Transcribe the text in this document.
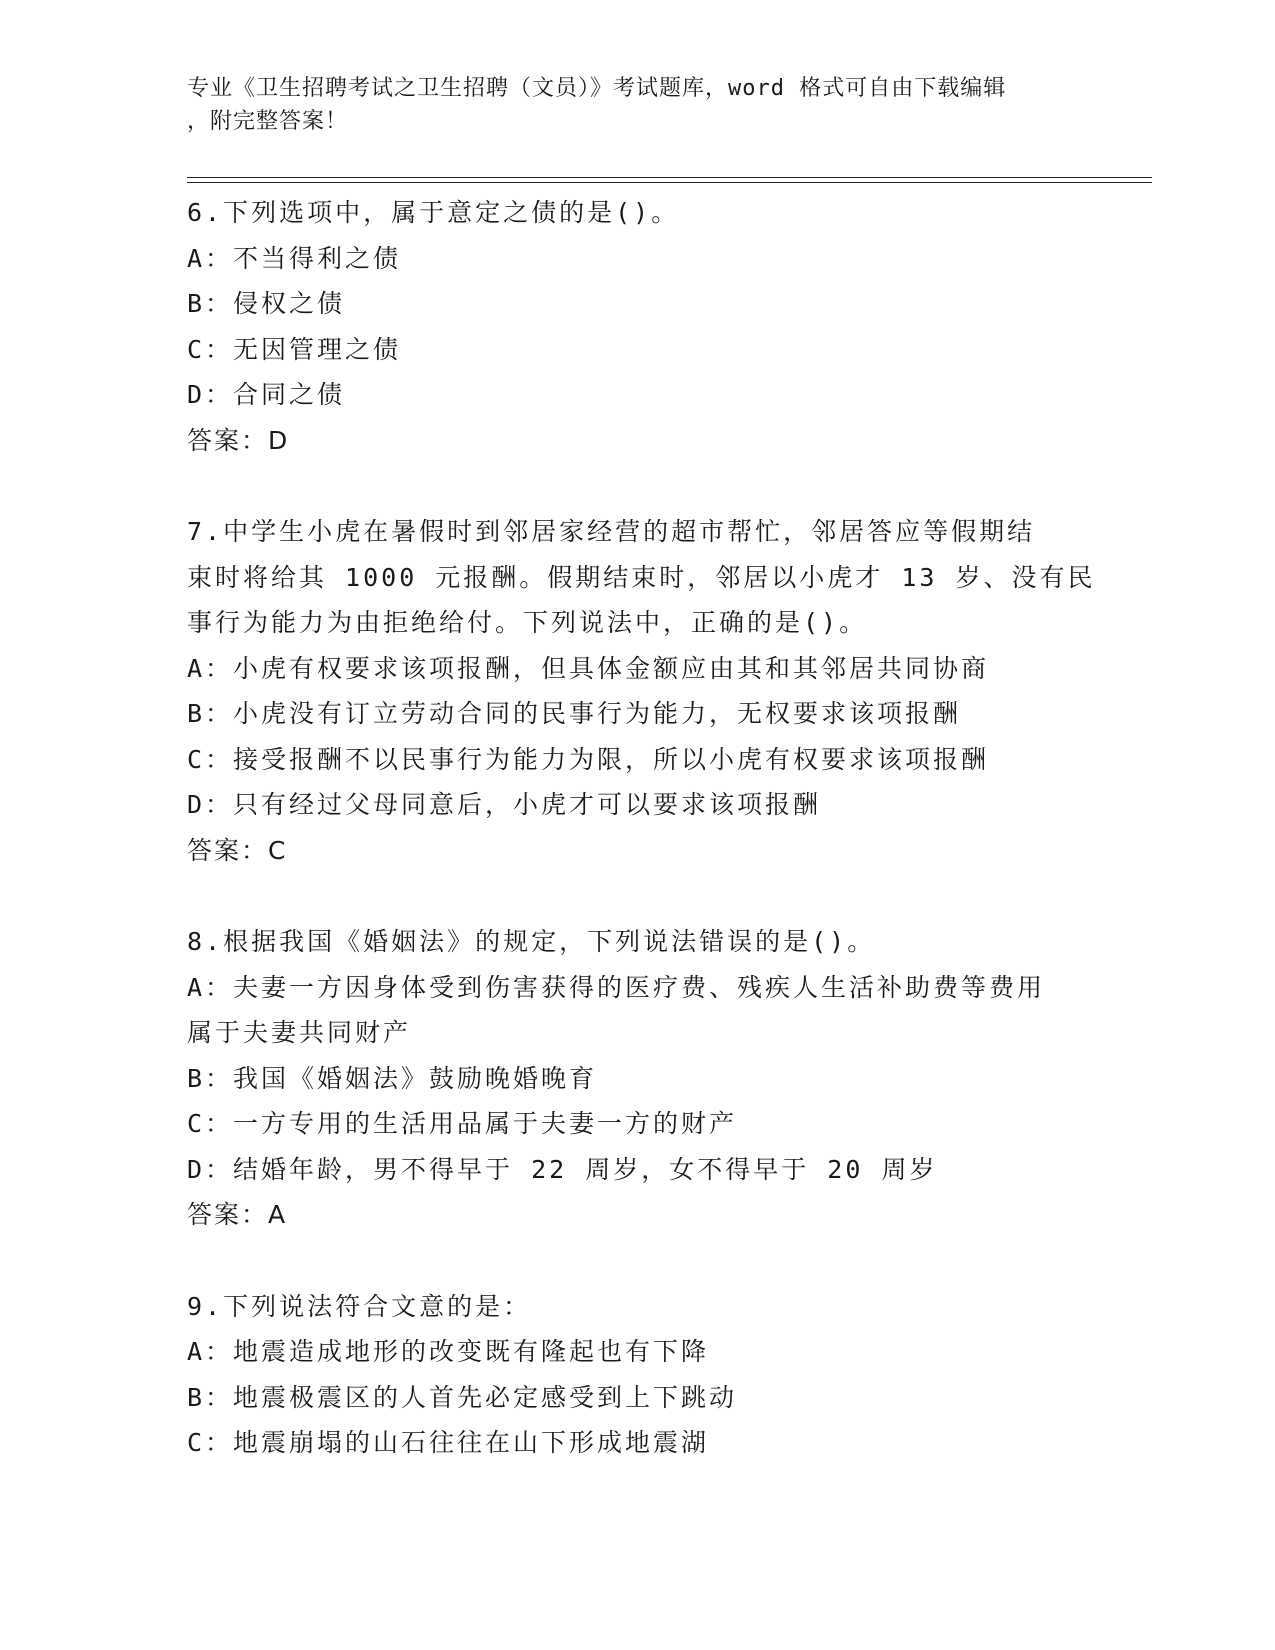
专业《卫生招聘考试之卫生招聘（文员）》考试题库，word 格式可自由下载编辑
，附完整答案！
6.下列选项中，属于意定之债的是()。
A：不当得利之债
B：侵权之债
C：无因管理之债
D：合同之债
答案：D
7.中学生小虎在暑假时到邻居家经营的超市帮忙，邻居答应等假期结
束时将给其 1000 元报酬。假期结束时，邻居以小虎才 13 岁、没有民
事行为能力为由拒绝给付。下列说法中，正确的是()。
A：小虎有权要求该项报酬，但具体金额应由其和其邻居共同协商
B：小虎没有订立劳动合同的民事行为能力，无权要求该项报酬
C：接受报酬不以民事行为能力为限，所以小虎有权要求该项报酬
D：只有经过父母同意后，小虎才可以要求该项报酬
答案：C
8.根据我国《婚姻法》的规定，下列说法错误的是()。
A：夫妻一方因身体受到伤害获得的医疗费、残疾人生活补助费等费用
属于夫妻共同财产
B：我国《婚姻法》鼓励晚婚晚育
C：一方专用的生活用品属于夫妻一方的财产
D：结婚年龄，男不得早于 22 周岁，女不得早于 20 周岁
答案：A
9.下列说法符合文意的是：
A：地震造成地形的改变既有隆起也有下降
B：地震极震区的人首先必定感受到上下跳动
C：地震崩塌的山石往往在山下形成地震湖
